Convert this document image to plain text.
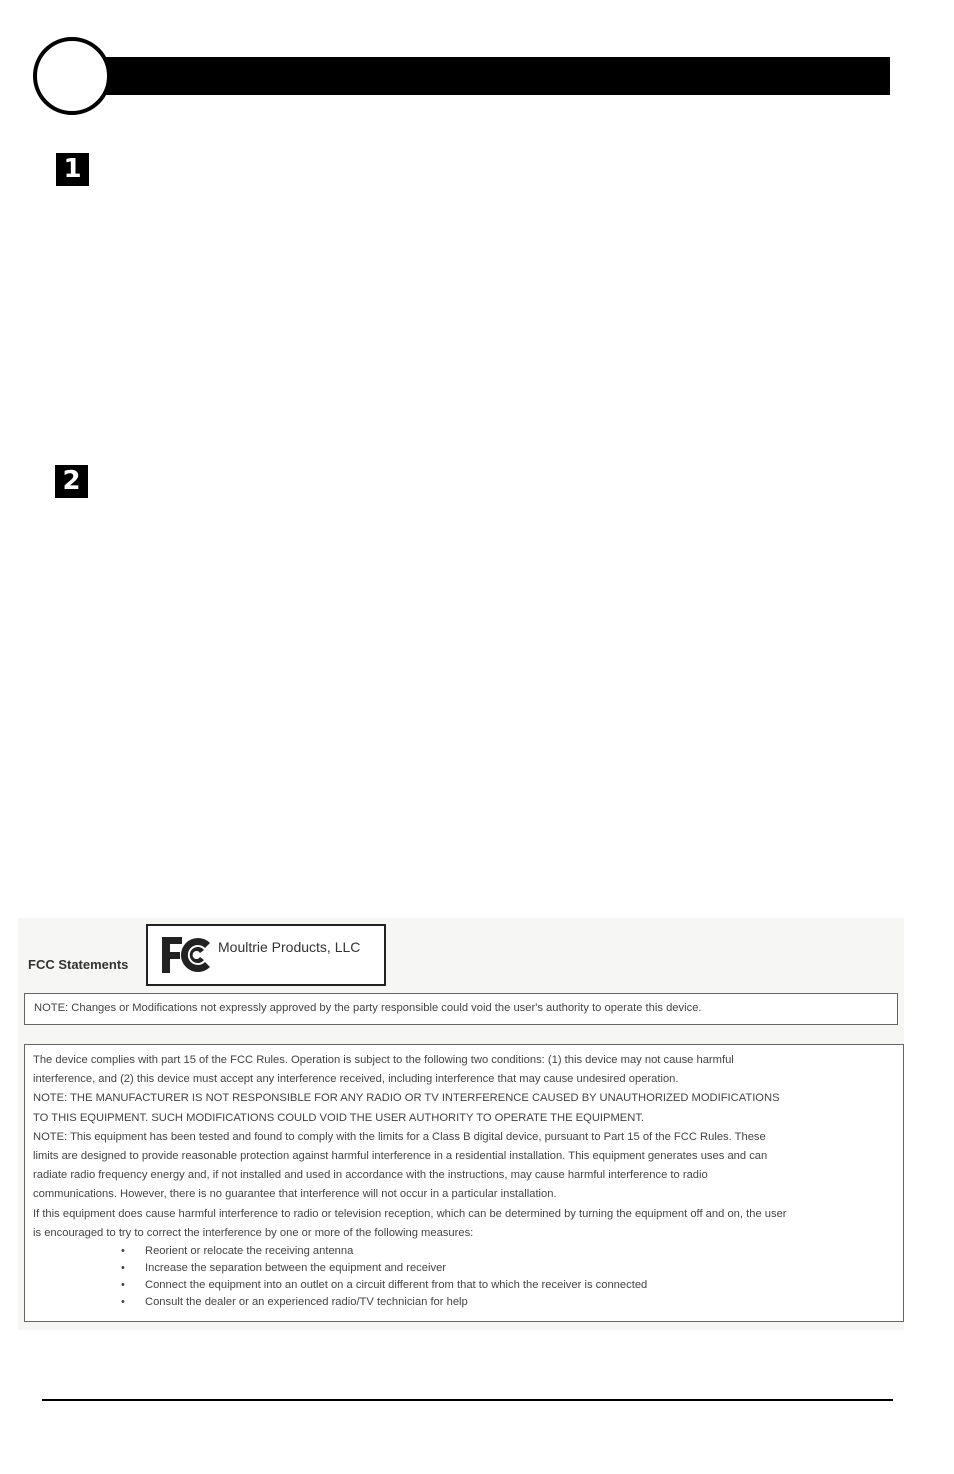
1
2
FCC Statements
Moultrie Products, LLC
NOTE: Changes or Modifications not expressly approved by the party responsible could void the user's authority to operate this device.
The device complies with part 15 of the FCC Rules. Operation is subject to the following two conditions: (1) this device may not cause harmful
interference, and (2) this device must accept any interference received, including interference that may cause undesired operation.
NOTE: THE MANUFACTURER IS NOT RESPONSIBLE FOR ANY RADIO OR TV INTERFERENCE CAUSED BY UNAUTHORIZED MODIFICATIONS
TO THIS EQUIPMENT. SUCH MODIFICATIONS COULD VOID THE USER AUTHORITY TO OPERATE THE EQUIPMENT.
NOTE: This equipment has been tested and found to comply with the limits for a Class B digital device, pursuant to Part 15 of the FCC Rules. These
limits are designed to provide reasonable protection against harmful interference in a residential installation. This equipment generates uses and can
radiate radio frequency energy and, if not installed and used in accordance with the instructions, may cause harmful interference to radio
communications. However, there is no guarantee that interference will not occur in a particular installation.
If this equipment does cause harmful interference to radio or television reception, which can be determined by turning the equipment off and on, the user
is encouraged to try to correct the interference by one or more of the following measures:
• Reorient or relocate the receiving antenna
• Increase the separation between the equipment and receiver
• Connect the equipment into an outlet on a circuit different from that to which the receiver is connected
• Consult the dealer or an experienced radio/TV technician for help
